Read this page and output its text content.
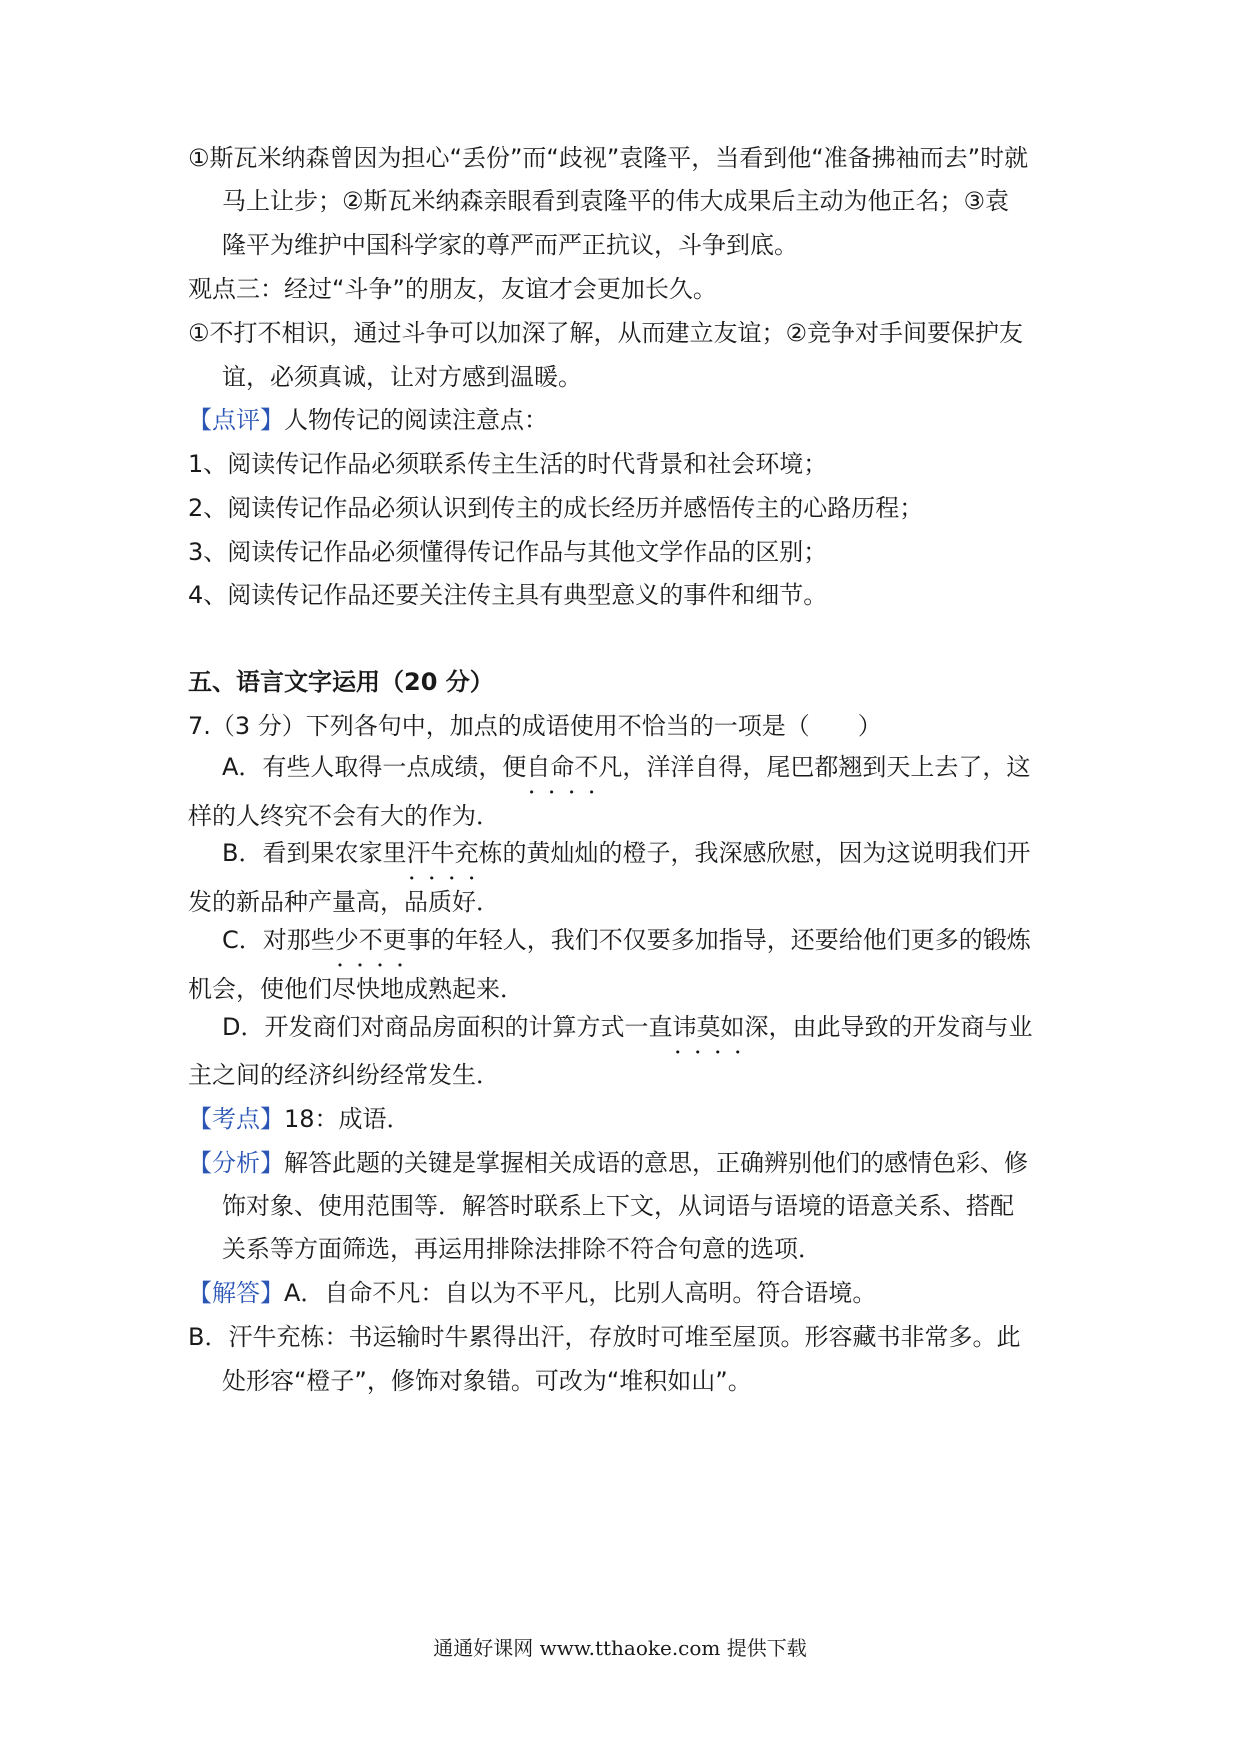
①斯瓦米纳森曾因为担心“丢份”而“歧视”袁隆平，当看到他“准备拂袖而去”时就
马上让步；②斯瓦米纳森亲眼看到袁隆平的伟大成果后主动为他正名；③袁
隆平为维护中国科学家的尊严而严正抗议，斗争到底。
观点三：经过“斗争”的朋友，友谊才会更加长久。
①不打不相识，通过斗争可以加深了解，从而建立友谊；②竞争对手间要保护友
谊，必须真诚，让对方感到温暖。
【点评】人物传记的阅读注意点：
1、阅读传记作品必须联系传主生活的时代背景和社会环境；
2、阅读传记作品必须认识到传主的成长经历并感悟传主的心路历程；
3、阅读传记作品必须懂得传记作品与其他文学作品的区别；
4、阅读传记作品还要关注传主具有典型意义的事件和细节。
五、语言文字运用（20 分）
7.（3 分）下列各句中，加点的成语使用不恰当的一项是（　　）
A．有些人取得一点成绩，便自命不凡 • • • •，洋洋自得，尾巴都翘到天上去了，这
样的人终究不会有大的作为．
B．看到果农家里汗牛充栋 • • • •的黄灿灿的橙子，我深感欣慰，因为这说明我们开
发的新品种产量高，品质好．
C．对那些少不更事 • • • •的年轻人，我们不仅要多加指导，还要给他们更多的锻炼
机会，使他们尽快地成熟起来．
D．开发商们对商品房面积的计算方式一直讳莫如深 • • • •，由此导致的开发商与业
主之间的经济纠纷经常发生．
【考点】18：成语．
【分析】解答此题的关键是掌握相关成语的意思，正确辨别他们的感情色彩、修
饰对象、使用范围等．解答时联系上下文，从词语与语境的语意关系、搭配
关系等方面筛选，再运用排除法排除不符合句意的选项．
【解答】A．自命不凡：自以为不平凡，比别人高明。符合语境。
B．汗牛充栋：书运输时牛累得出汗，存放时可堆至屋顶。形容藏书非常多。此
处形容“橙子”，修饰对象错。可改为“堆积如山”。
通通好课网 www.tthaoke.com 提供下载
